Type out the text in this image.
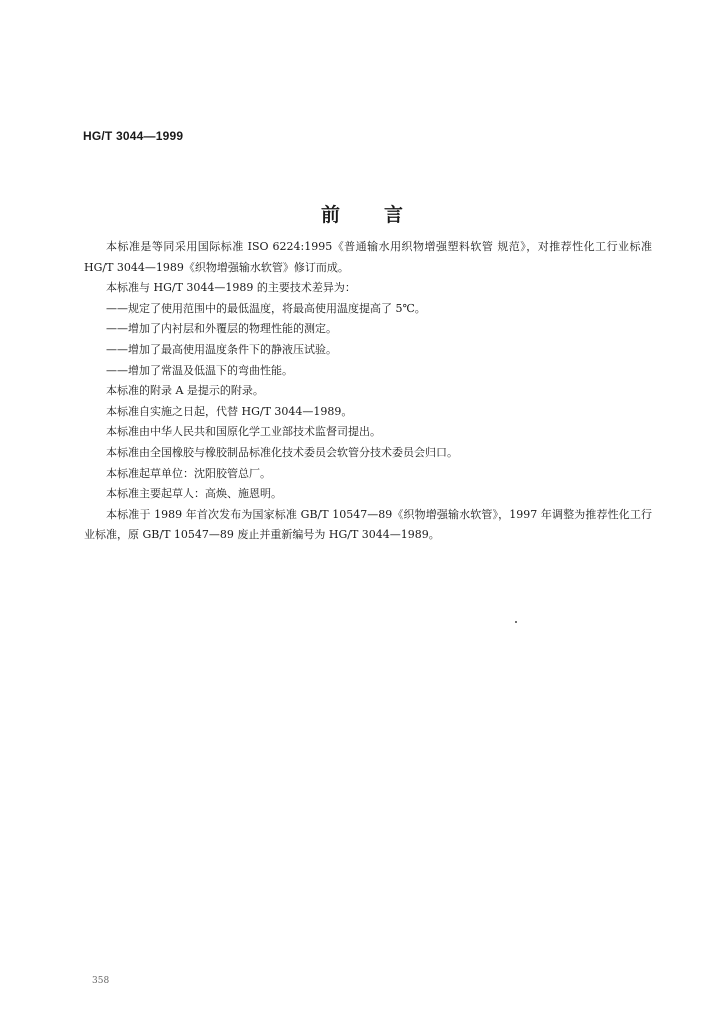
HG/T 3044—1999
前言

本标准是等同采用国际标准 ISO 6224:1995《普通输水用织物增强塑料软管 规范》，对推荐性化工行业标准 HG/T 3044—1989《织物增强输水软管》修订而成。

本标准与 HG/T 3044—1989 的主要技术差异为：

——规定了使用范围中的最低温度，将最高使用温度提高了 5℃。

——增加了内衬层和外覆层的物理性能的测定。

——增加了最高使用温度条件下的静液压试验。

——增加了常温及低温下的弯曲性能。

本标准的附录 A 是提示的附录。

本标准自实施之日起，代替 HG/T 3044—1989。

本标准由中华人民共和国原化学工业部技术监督司提出。

本标准由全国橡胶与橡胶制品标准化技术委员会软管分技术委员会归口。

本标准起草单位：沈阳胶管总厂。

本标准主要起草人：高焕、施恩明。

本标准于 1989 年首次发布为国家标准 GB/T 10547—89《织物增强输水软管》，1997 年调整为推荐性化工行业标准，原 GB/T 10547—89 废止并重新编号为 HG/T 3044—1989。

358
